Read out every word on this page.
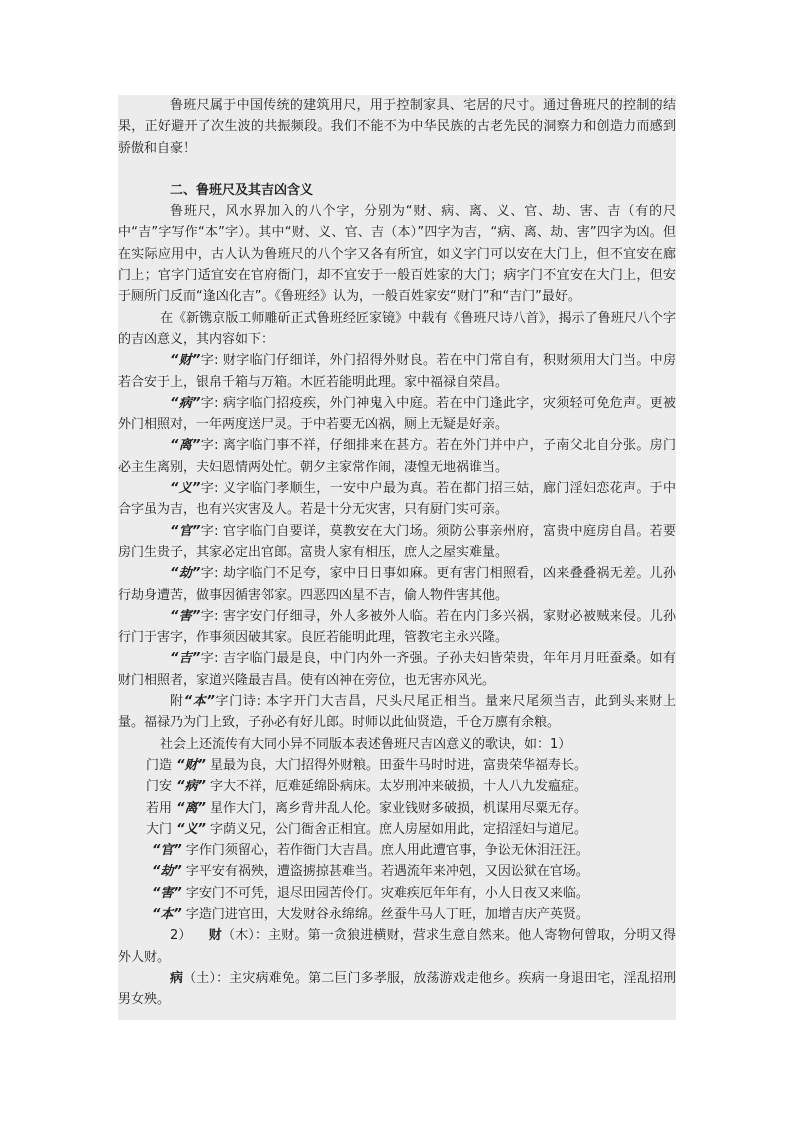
鲁班尺属于中国传统的建筑用尺，用于控制家具、宅居的尺寸。通过鲁班尺的控制的结果，正好避开了次生波的共振频段。我们不能不为中华民族的古老先民的洞察力和创造力而感到骄傲和自豪！

二、鲁班尺及其吉凶含义

鲁班尺，风水界加入的八个字，分别为“财、病、离、义、官、劫、害、吉（有的尺中“吉”字写作“本”字）。其中“财、义、官、吉（本）”四字为吉，“病、离、劫、害”四字为凶。但在实际应用中，古人认为鲁班尺的八个字又各有所宜，如义字门可以安在大门上，但不宜安在廊门上；官字门适宜安在官府衙门，却不宜安于一般百姓家的大门；病字门不宜安在大门上，但安于厕所门反而“逢凶化吉”。《鲁班经》认为，一般百姓家安“财门”和“吉门”最好。

在《新镌京版工师雕斫正式鲁班经匠家镜》中载有《鲁班尺诗八首》，揭示了鲁班尺八个字的吉凶意义，其内容如下：

“财”字: 财字临门仔细详，外门招得外财良。若在中门常自有，积财须用大门当。中房若合安于上，银帛千箱与万箱。木匠若能明此理。家中福禄自荣昌。

“病”字: 病字临门招疫疾，外门神鬼入中庭。若在中门逢此字，灾须轻可免危声。更被外门相照对，一年两度送尸灵。于中若要无凶祸，厕上无疑是好亲。

“离”字: 离字临门事不祥，仔细排来在甚方。若在外门并中户，子南父北自分张。房门必主生离别，夫妇恩情两处忙。朝夕主家常作闹，凄惶无地祸谁当。

“义”字: 义字临门孝顺生，一安中户最为真。若在都门招三姑，廊门淫妇恋花声。于中合字虽为吉，也有兴灾害及人。若是十分无灾害，只有厨门实可亲。

“官”字: 官字临门自要详，莫教安在大门场。须防公事亲州府，富贵中庭房自昌。若要房门生贵子，其家必定出官郎。富贵人家有相压，庶人之屋实难量。

“劫”字: 劫字临门不足夸，家中日日事如麻。更有害门相照看，凶来叠叠祸无差。儿孙行劫身遭苦，做事因循害邻家。四恶四凶星不吉，偷人物件害其他。

“害”字: 害字安门仔细寻，外人多被外人临。若在内门多兴祸，家财必被贼来侵。儿孙行门于害字，作事须因破其家。良匠若能明此理，管教宅主永兴隆。

“吉”字: 吉字临门最是良，中门内外一齐强。子孙夫妇皆荣贵，年年月月旺蚕桑。如有财门相照者，家道兴隆最吉昌。使有凶神在旁位，也无害亦风光。

附“本”字门诗: 本字开门大吉昌，尺头尺尾正相当。量来尺尾须当吉，此到头来财上量。福禄乃为门上致，子孙必有好儿郎。时师以此仙贤造，千仓万廪有余粮。

社会上还流传有大同小异不同版本表述鲁班尺吉凶意义的歌诀，如：1）

门造 “财” 星最为良，大门招得外财粮。田蚕牛马时时进，富贵荣华福寿长。

门安 “病” 字大不祥，厄难延绵卧病床。太岁刑冲来破损，十人八九发瘟症。

若用 “离” 星作大门，离乡背井乱人伦。家业钱财多破损，机谋用尽粟无存。

大门 “义” 字荫义兄，公门衙舍正相宜。庶人房屋如用此，定招淫妇与道尼。

“官” 字作门须留心，若作衙门大吉昌。庶人用此遭官事，争讼无休泪汪汪。

“劫” 字平安有祸殃，遭盗掳掠甚难当。若遇流年来冲剋，又因讼狱在官场。

“害” 字安门不可凭，退尽田园苦伶仃。灾难疾厄年年有，小人日夜又来临。

“本” 字造门进官田，大发财谷永绵绵。丝蚕牛马人丁旺，加增吉庆产英贤。

2） 财（木）：主财。第一贪狼进横财，营求生意自然来。他人寄物何曾取，分明又得外人财。

病（土）：主灾病难免。第二巨门多孝服，放荡游戏走他乡。疾病一身退田宅，淫乱招刑男女殃。
